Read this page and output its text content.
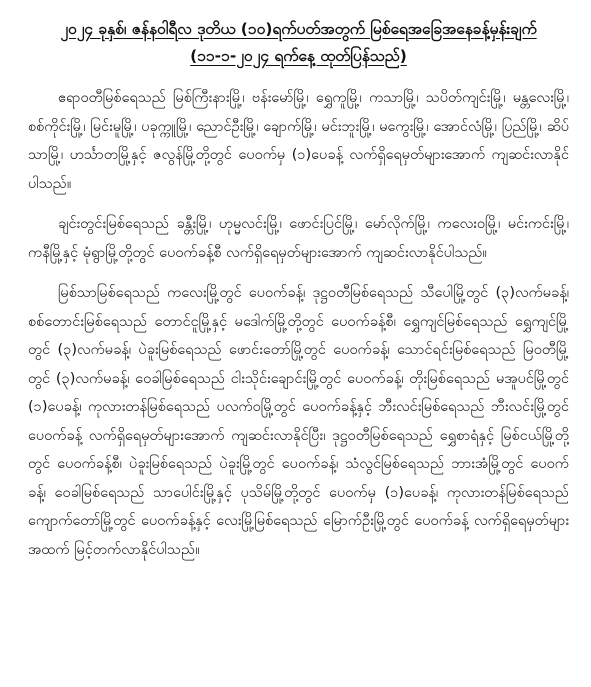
၂၀၂၄ ခုနှစ်၊ ဇန်နဝါရီလ ဒုတိယ (၁၀)ရက်ပတ်အတွက် မြစ်ရေအခြေအနေခန့်မှန်းချက်
(၁၁-၁-၂၀၂၄ ရက်နေ့ ထုတ်ပြန်သည်)

ဧရာဝတီမြစ်ရေသည် မြစ်ကြီးနားမြို့၊ ဗန်းမော်မြို့၊ ရွှေကူမြို့၊ ကသာမြို့၊ သပိတ်ကျင်းမြို့၊ မန္တလေးမြို့၊ စစ်ကိုင်းမြို့၊ မြင်းမူမြို့၊ ပခုက္ကူမြို့၊ ညောင်ဦးမြို့၊ ချောက်မြို့၊ မင်းဘူးမြို့၊ မကွေးမြို့၊ အောင်လံမြို့၊ ပြည်မြို့၊ ဆိပ်သာမြို့၊ ဟင်္သာတမြို့နှင့် ဇလွန်မြို့တို့တွင် ပေ၀က်မှ (၁)ပေခန့် လက်ရှိရေမှတ်များအောက် ကျဆင်းလာနိုင်ပါသည်။

ချင်းတွင်းမြစ်ရေသည် ခန္တီးမြို့၊ ဟုမ္မလင်းမြို့၊ ဖောင်းပြင်မြို့၊ မော်လိုက်မြို့၊ ကလေးဝမြို့၊ မင်းကင်းမြို့၊ ကနီမြို့နှင့် မုံရွာမြို့တို့တွင် ပေ၀က်ခန့်စီ လက်ရှိရေမှတ်များအောက် ကျဆင်းလာနိုင်ပါသည်။

မြစ်သာမြစ်ရေသည် ကလေးမြို့တွင် ပေ၀က်ခန့်၊ ဒုဋ္ဌဝတီမြစ်ရေသည် သီပေါမြို့တွင် (၃)လက်မခန့်၊ စစ်တောင်းမြစ်ရေသည် တောင်ငူမြို့နှင့် မဒေါက်မြို့တို့တွင် ပေ၀က်ခန့်စီ၊ ရွှေကျင်မြစ်ရေသည် ရွှေကျင်မြို့တွင် (၃)လက်မခန့်၊ ပဲခူးမြစ်ရေသည် ဖောင်းတော်မြို့တွင် ပေ၀က်ခန့်၊ သောင်ရင်းမြစ်ရေသည် မြဝတီမြို့တွင် (၃)လက်မခန့်၊ ဝေခါမြစ်ရေသည် ငါးသိုင်းချောင်းမြို့တွင် ပေ၀က်ခန့်၊ တိုးမြစ်ရေသည် မအူပင်မြို့တွင် (၁)ပေခန့်၊ ကုလားတန်မြစ်ရေသည် ပလက်ဝမြို့တွင် ပေ၀က်ခန့်နှင့် ဘီးလင်းမြစ်ရေသည် ဘီးလင်းမြို့တွင် ပေ၀က်ခန့် လက်ရှိရေမှတ်များအောက် ကျဆင်းလာနိုင်ပြီး၊ ဒုဋ္ဌဝတီမြစ်ရေသည် ရွှေစာရံနှင့် မြစ်ငယ်မြို့တို့တွင် ပေ၀က်ခန့်စီ၊ ပဲခူးမြစ်ရေသည် ပဲခူးမြို့တွင် ပေ၀က်ခန့်၊ သံလွင်မြစ်ရေသည် ဘားအံမြို့တွင် ပေ၀က်ခန့်၊ ဝေခါမြစ်ရေသည် သာပေါင်းမြို့နှင့် ပုသိမ်မြို့တို့တွင် ပေ၀က်မှ (၁)ပေခန့်၊ ကုလားတန်မြစ်ရေသည် ကျောက်တော်မြို့တွင် ပေ၀က်ခန့်နှင့် လေးမြို့မြစ်ရေသည် မြောက်ဦးမြို့တွင် ပေ၀က်ခန့် လက်ရှိရေမှတ်များအထက် မြင့်တက်လာနိုင်ပါသည်။
